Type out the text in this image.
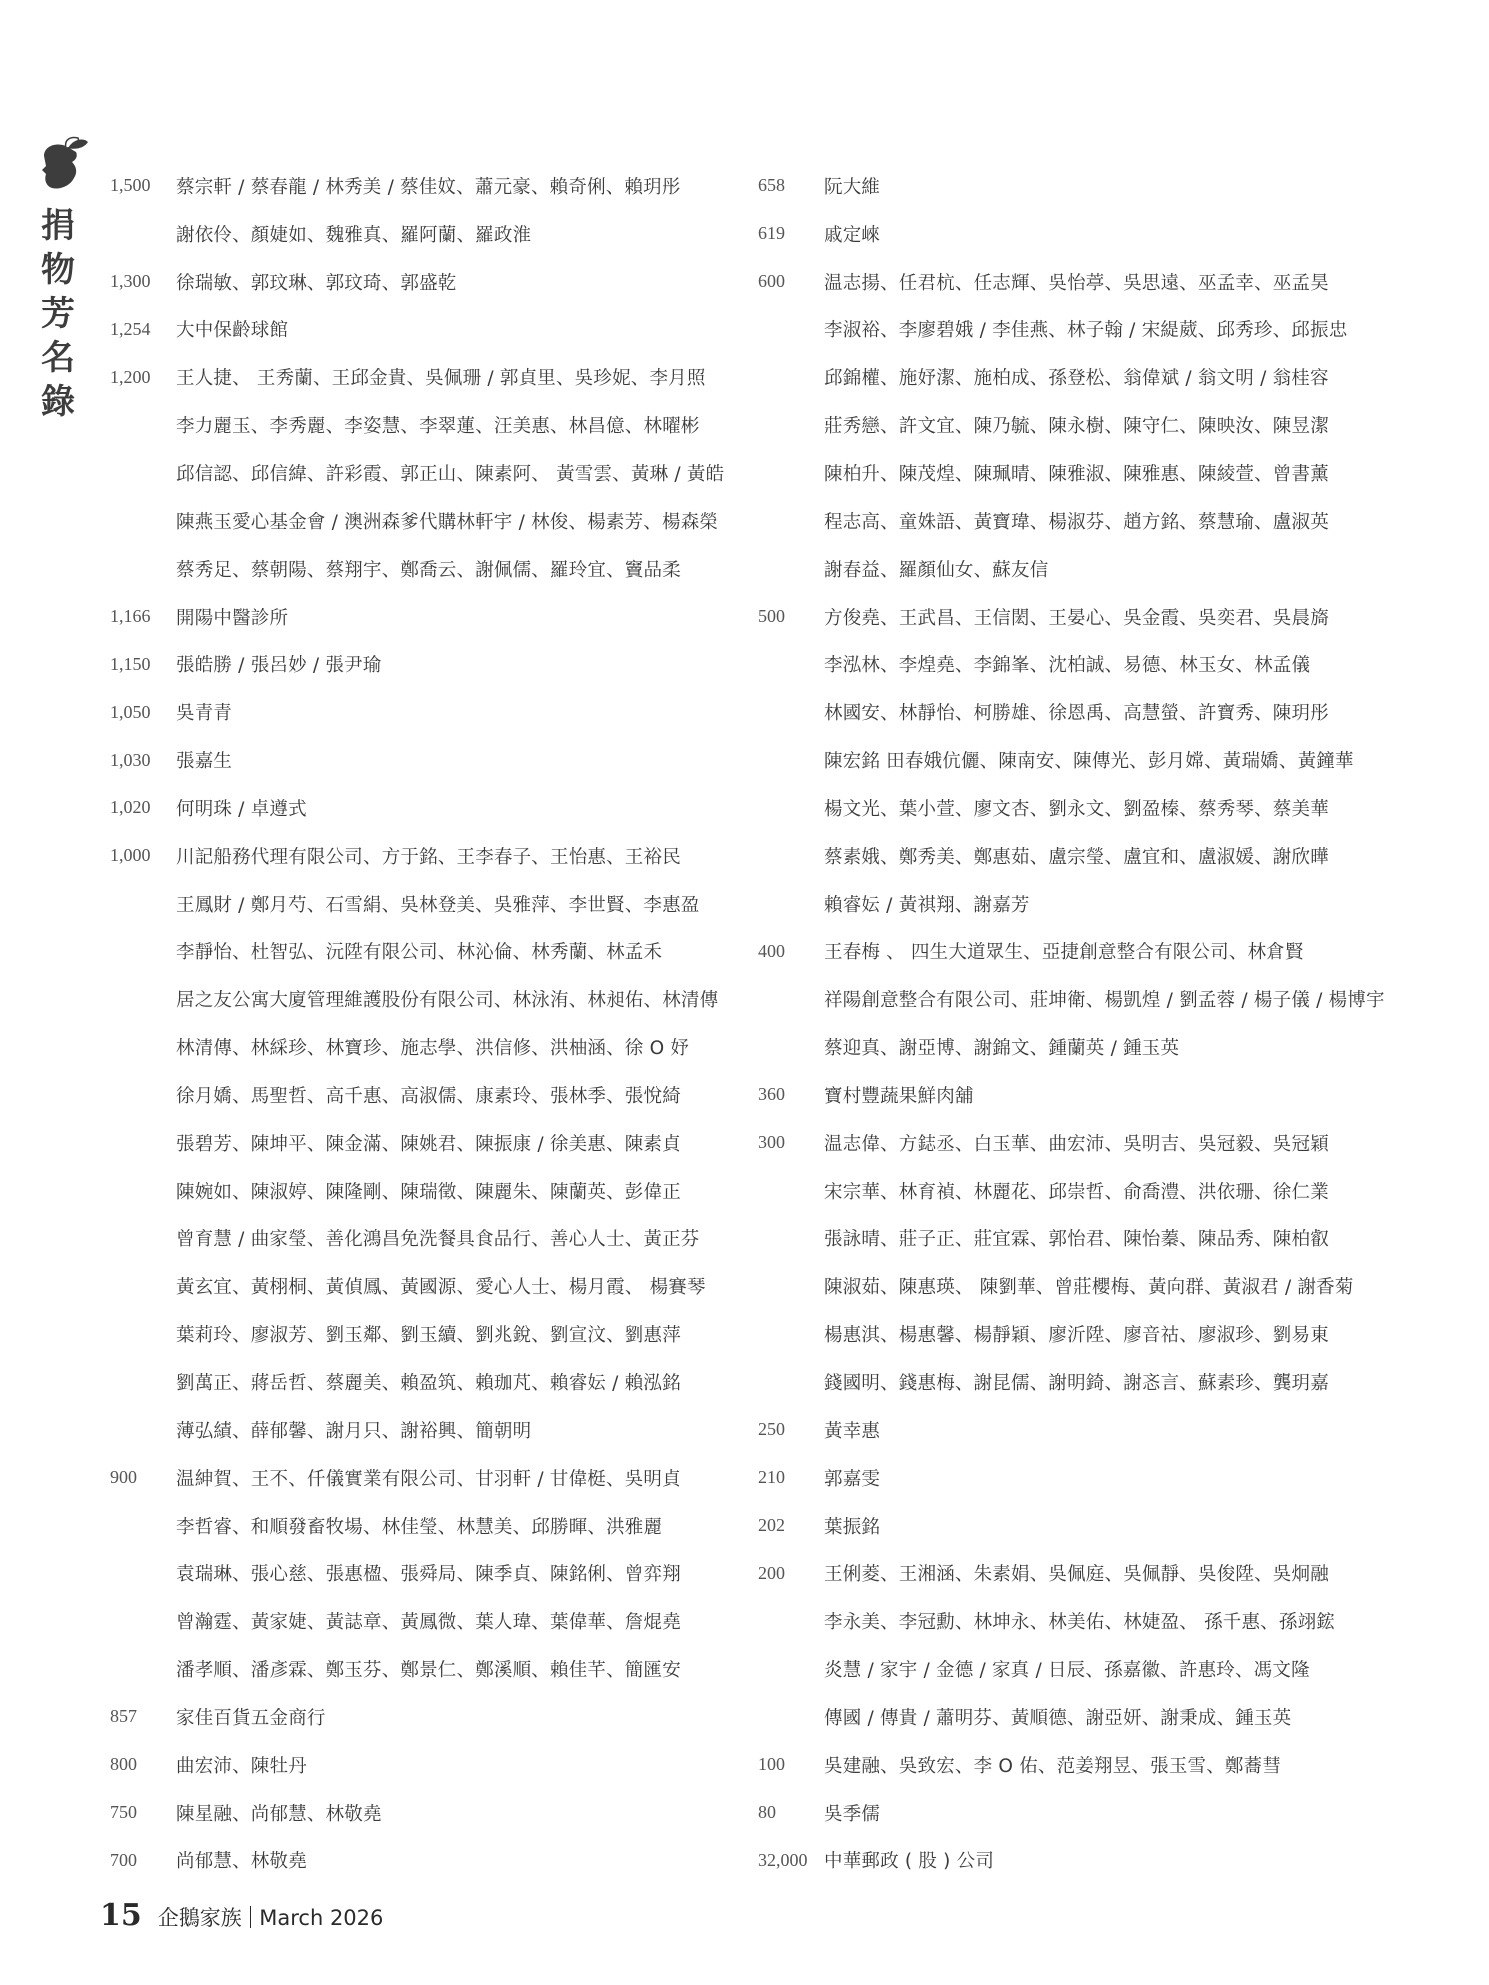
捐
物
芳
名
錄
1,500	蔡宗軒 / 蔡春龍 / 林秀美 / 蔡佳妏、蕭元豪、賴奇俐、賴玥彤
謝依伶、顏婕如、魏雅真、羅阿蘭、羅政淮
1,300	徐瑞敏、郭玟琳、郭玟琦、郭盛乾
1,254	大中保齡球館
1,200	王人捷、 王秀蘭、王邱金貴、吳佩珊 / 郭貞里、吳珍妮、李月照
李力麗玉、李秀麗、李姿慧、李翠蓮、汪美惠、林昌億、林曜彬
邱信認、邱信緯、許彩霞、郭正山、陳素阿、 黃雪雲、黃琳 / 黃皓
陳燕玉愛心基金會 / 澳洲森爹代購林軒宇 / 林俊、楊素芳、楊森榮
蔡秀足、蔡朝陽、蔡翔宇、鄭喬云、謝佩儒、羅玲宜、竇品柔
1,166	開陽中醫診所
1,150	張皓勝 / 張呂妙 / 張尹瑜
1,050	吳青青
1,030	張嘉生
1,020	何明珠 / 卓遵式
1,000	川記船務代理有限公司、方于銘、王李春子、王怡惠、王裕民
王鳳財 / 鄭月芍、石雪絹、吳林登美、吳雅萍、李世賢、李惠盈
李靜怡、杜智弘、沅陞有限公司、林沁倫、林秀蘭、林孟禾
居之友公寓大廈管理維護股份有限公司、林泳洧、林昶佑、林清傳
林清傳、林綵珍、林寶珍、施志學、洪信修、洪柚涵、徐 O 妤
徐月嬌、馬聖哲、高千惠、高淑儒、康素玲、張林季、張悅綺
張碧芳、陳坤平、陳金滿、陳姚君、陳振康 / 徐美惠、陳素貞
陳婉如、陳淑婷、陳隆剛、陳瑞徵、陳麗朱、陳蘭英、彭偉正
曾育慧 / 曲家瑩、善化鴻昌免洗餐具食品行、善心人士、黃正芬
黃玄宜、黃栩桐、黃偵鳳、黃國源、愛心人士、楊月霞、 楊賽琴
葉莉玲、廖淑芳、劉玉鄰、劉玉續、劉兆銳、劉宣汶、劉惠萍
劉萬正、蔣岳哲、蔡麗美、賴盈筑、賴珈芃、賴睿妘 / 賴泓銘
薄弘績、薛郁馨、謝月只、謝裕興、簡朝明
900	温紳賀、王不、仟儀實業有限公司、甘羽軒 / 甘偉梃、吳明貞
李哲睿、和順發畜牧場、林佳瑩、林慧美、邱勝暉、洪雅麗
袁瑞琳、張心慈、張惠楹、張舜局、陳季貞、陳銘俐、曾弈翔
曾瀚霆、黃家婕、黃誌章、黃鳳微、葉人瑋、葉偉華、詹焜堯
潘孝順、潘彥霖、鄭玉芬、鄭景仁、鄭溪順、賴佳芊、簡匯安
857	家佳百貨五金商行
800	曲宏沛、陳牡丹
750	陳星融、尚郁慧、林敬堯
700	尚郁慧、林敬堯
658	阮大維
619	戚定崍
600	温志揚、任君杭、任志輝、吳怡葶、吳思遠、巫孟幸、巫孟昊
李淑裕、李廖碧娥 / 李佳燕、林子翰 / 宋緹葳、邱秀珍、邱振忠
邱錦權、施妤潔、施柏成、孫登松、翁偉斌 / 翁文明 / 翁桂容
莊秀戀、許文宜、陳乃毓、陳永樹、陳守仁、陳映汝、陳昱潔
陳柏升、陳茂煌、陳珮晴、陳雅淑、陳雅惠、陳綾萱、曾書薰
程志高、童姝語、黃寶瑋、楊淑芬、趙方銘、蔡慧瑜、盧淑英
謝春益、羅顏仙女、蘇友信
500	方俊堯、王武昌、王信閎、王晏心、吳金霞、吳奕君、吳晨旖
李泓林、李煌堯、李錦峯、沈柏誠、易德、林玉女、林孟儀
林國安、林靜怡、柯勝雄、徐恩禹、高慧螢、許寶秀、陳玥彤
陳宏銘 田春娥伉儷、陳南安、陳傳光、彭月嫦、黃瑞嬌、黃鐘華
楊文光、葉小萱、廖文杏、劉永文、劉盈榛、蔡秀琴、蔡美華
蔡素娥、鄭秀美、鄭惠茹、盧宗瑩、盧宜和、盧淑媛、謝欣曄
賴睿妘 / 黃祺翔、謝嘉芳
400	王春梅 、 四生大道眾生、亞捷創意整合有限公司、林倉賢
祥陽創意整合有限公司、莊坤衛、楊凱煌 / 劉孟蓉 / 楊子儀 / 楊博宇
蔡迎真、謝亞博、謝錦文、鍾蘭英 / 鍾玉英
360	寶村豐蔬果鮮肉舖
300	温志偉、方鋕丞、白玉華、曲宏沛、吳明吉、吳冠毅、吳冠穎
宋宗華、林育禎、林麗花、邱崇哲、俞喬澧、洪依珊、徐仁業
張詠晴、莊子正、莊宜霖、郭怡君、陳怡蓁、陳品秀、陳柏叡
陳淑茹、陳惠瑛、 陳劉華、曾莊櫻梅、黃向群、黃淑君 / 謝香菊
楊惠淇、楊惠馨、楊靜穎、廖沂陞、廖音祜、廖淑珍、劉易東
錢國明、錢惠梅、謝昆儒、謝明錡、謝忞言、蘇素珍、龔玥嘉
250	黃幸惠
210	郭嘉雯
202	葉振銘
200	王俐菱、王湘涵、朱素娟、吳佩庭、吳佩靜、吳俊陞、吳炯融
李永美、李冠勳、林坤永、林美佑、林婕盈、 孫千惠、孫翊鋐
炎慧 / 家宇 / 金德 / 家真 / 日辰、孫嘉徽、許惠玲、馮文隆
傳國 / 傳貴 / 蕭明芬、黃順德、謝亞妍、謝秉成、鍾玉英
100	吳建融、吳致宏、李 O 佑、范姜翔昱、張玉雪、鄭蕎彗
80	吳季儒
32,000 中華郵政 ( 股 ) 公司
15 企鵝家族 March 2026
